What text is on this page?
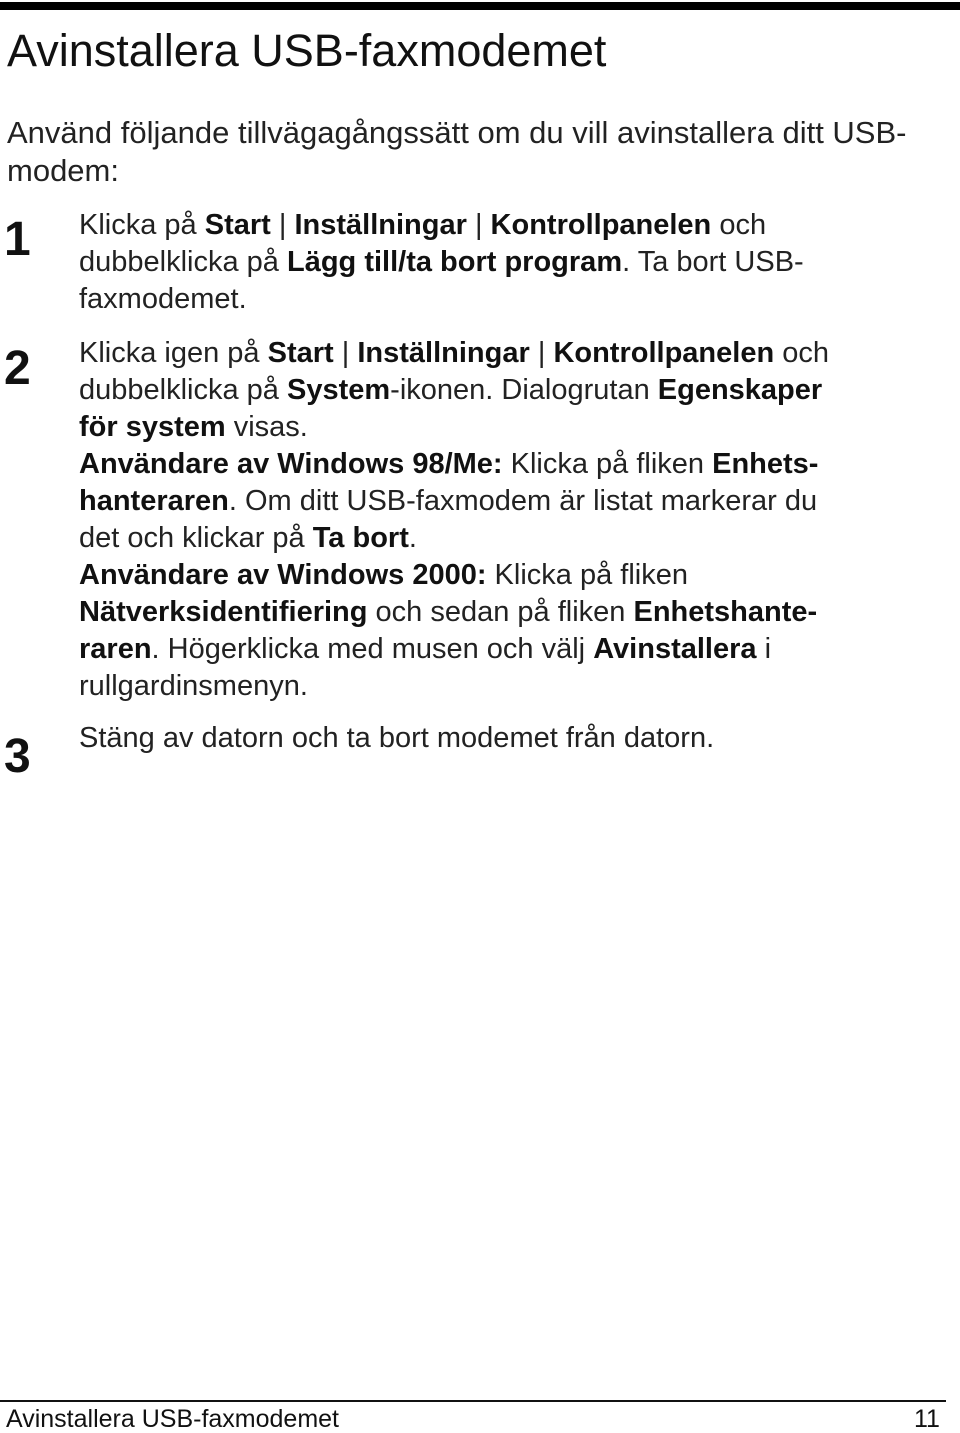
Avinstallera USB-faxmodemet
Använd följande tillvägagångssätt om du vill avinstallera ditt USB-
modem:
1 Klicka på Start | Inställningar | Kontrollpanelen och
dubbelklicka på Lägg till/ta bort program. Ta bort USB-
faxmodemet.
2 Klicka igen på Start | Inställningar | Kontrollpanelen och
dubbelklicka på System-ikonen. Dialogrutan Egenskaper
för system visas.
Användare av Windows 98/Me: Klicka på fliken Enhets-
hanteraren. Om ditt USB-faxmodem är listat markerar du
det och klickar på Ta bort.
Användare av Windows 2000: Klicka på fliken
Nätverksidentifiering och sedan på fliken Enhetshante-
raren. Högerklicka med musen och välj Avinstallera i
rullgardinsmenyn.
3 Stäng av datorn och ta bort modemet från datorn.
Avinstallera USB-faxmodemet	11
